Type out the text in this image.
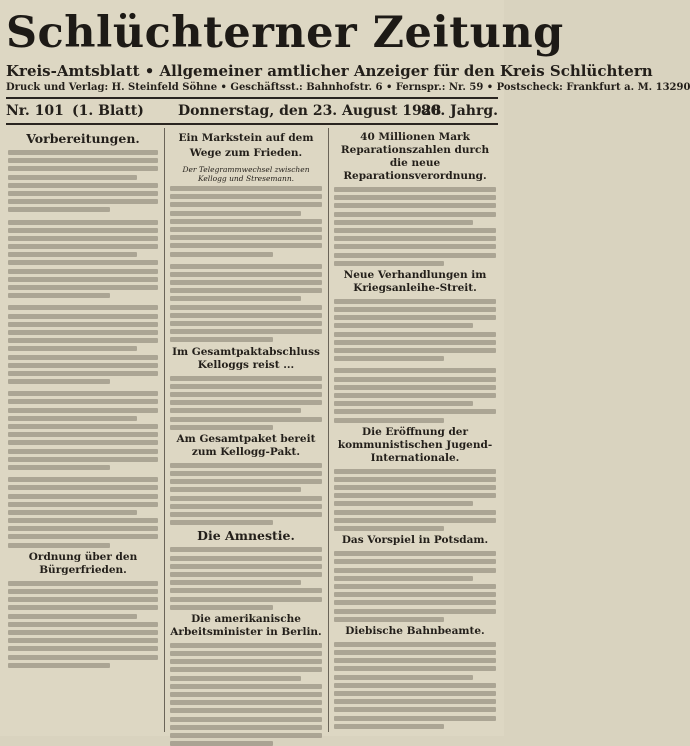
Schlüchterner Zeitung
Kreis-Amtsblatt • Allgemeiner amtlicher Anzeiger für den Kreis Schlüchtern
Druck und Verlag: H. Steinfeld Söhne • Geschäftsst.: Bahnhofstr. 6 • Fernspr.: Nr. 59 • Postscheck: Frankfurt a. M. 13290
Nr. 101 (1. Blatt) Donnerstag, den 23. August 1928
80. Jahrg.
Vorbereitungen.
Ordnung über den Bürgerfrieden.
Ein Markstein auf dem Wege zum Frieden.
Der Telegrammwechsel zwischen Kellogg und Stresemann.
Im Gesamtpaktabschluss Kelloggs reist ...
Am Gesamtpaket bereit zum Kellogg-Pakt.
Die Amnestie.
Die amerikanische Arbeitsminister in Berlin.
40 Millionen Mark Reparationszahlen durch die neue Reparationsverordnung.
Neue Verhandlungen im Kriegsanleihe-Streit.
Die Eröffnung der kommunistischen Jugend-Internationale.
Das Vorspiel in Potsdam.
Diebische Bahnbeamte.
